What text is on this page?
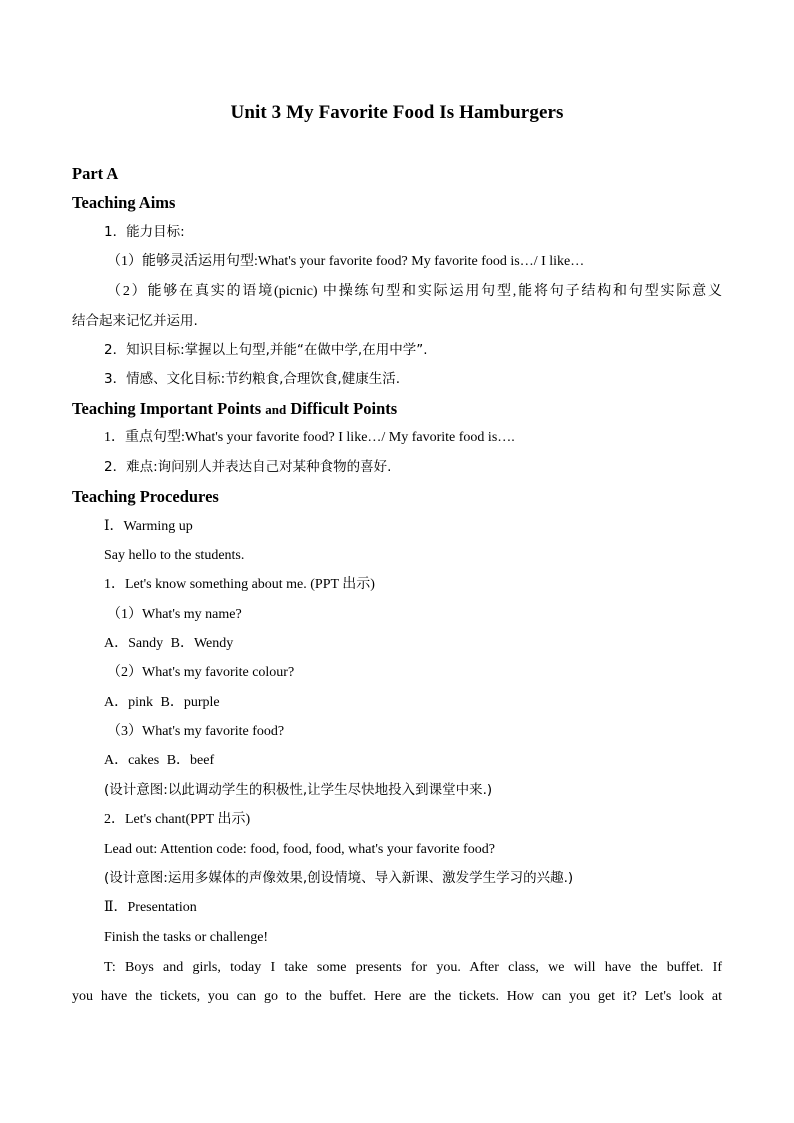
Unit 3 My Favorite Food Is Hamburgers
Part A
Teaching Aims
1．能力目标:
（1）能够灵活运用句型:What's your favorite food? My favorite food is…/ I like…
（2）能够在真实的语境(picnic) 中操练句型和实际运用句型,能将句子结构和句型实际意义
结合起来记忆并运用.
2．知识目标:掌握以上句型,并能“在做中学,在用中学”.
3．情感、文化目标:节约粮食,合理饮食,健康生活.
Teaching Important Points and Difficult Points
1．重点句型:What's your favorite food? I like…/ My favorite food is….
2．难点:询问别人并表达自己对某种食物的喜好.
Teaching Procedures
Ⅰ．Warming up
Say hello to the students.
1．Let's know something about me. (PPT 出示)
（1）What's my name?
A．Sandy B．Wendy
（2）What's my favorite colour?
A．pink B．purple
（3）What's my favorite food?
A．cakes B．beef
(设计意图:以此调动学生的积极性,让学生尽快地投入到课堂中来.)
2．Let's chant(PPT 出示)
Lead out: Attention code: food, food, food, what's your favorite food?
(设计意图:运用多媒体的声像效果,创设情境、导入新课、激发学生学习的兴趣.)
Ⅱ．Presentation
Finish the tasks or challenge!
T: Boys and girls, today I take some presents for you. After class, we will have the buffet. If
you have the tickets, you can go to the buffet. Here are the tickets. How can you get it? Let's look at
